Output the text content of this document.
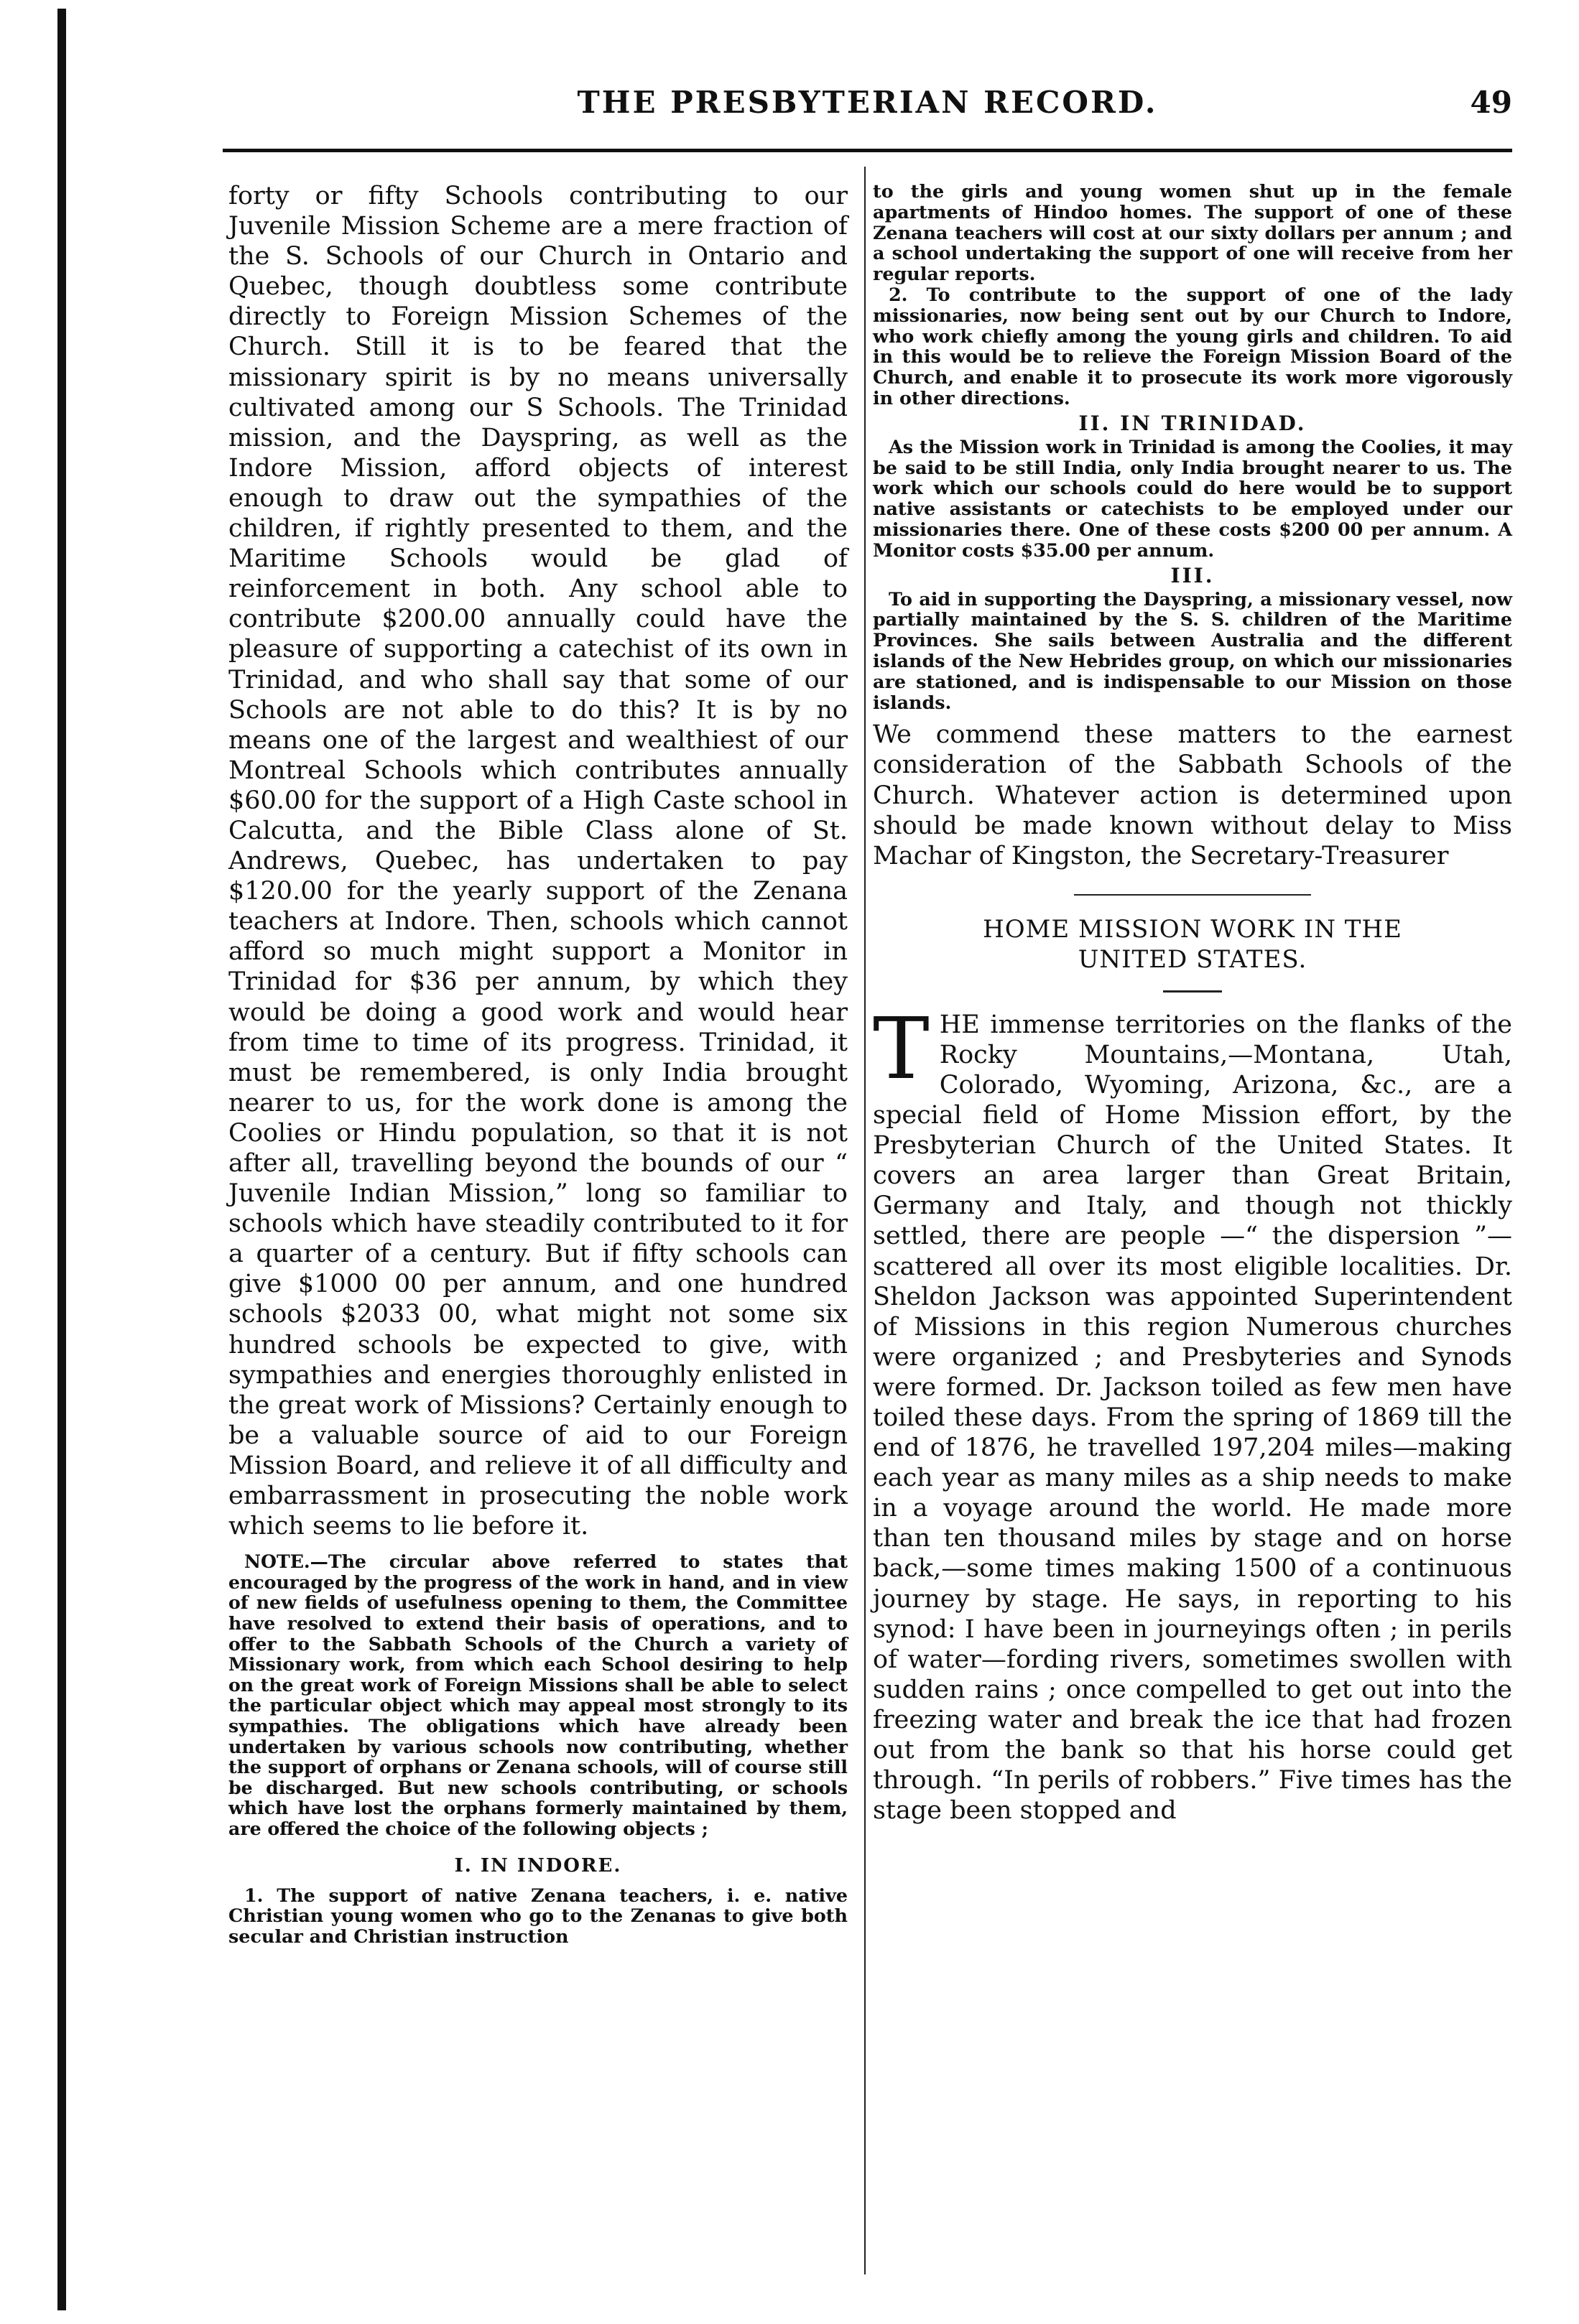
THE PRESBYTERIAN RECORD.	49

forty or fifty Schools contributing to our Juvenile Mission Scheme are a mere fraction of the S. Schools of our Church in Ontario and Quebec, though doubtless some contribute directly to Foreign Mission Schemes of the Church. Still it is to be feared that the missionary spirit is by no means universally cultivated among our S Schools. The Trinidad mission, and the Dayspring, as well as the Indore Mission, afford objects of interest enough to draw out the sympathies of the children, if rightly presented to them, and the Maritime Schools would be glad of reinforcement in both. Any school able to contribute $200.00 annually could have the pleasure of supporting a catechist of its own in Trinidad, and who shall say that some of our Schools are not able to do this? It is by no means one of the largest and wealthiest of our Montreal Schools which contributes annually $60.00 for the support of a High Caste school in Calcutta, and the Bible Class alone of St. Andrews, Quebec, has undertaken to pay $120.00 for the yearly support of the Zenana teachers at Indore. Then, schools which cannot afford so much might support a Monitor in Trinidad for $36 per annum, by which they would be doing a good work and would hear from time to time of its progress. Trinidad, it must be remembered, is only India brought nearer to us, for the work done is among the Coolies or Hindu population, so that it is not after all, travelling beyond the bounds of our “ Juvenile Indian Mission,” long so familiar to schools which have steadily contributed to it for a quarter of a century. But if fifty schools can give $1000 00 per annum, and one hundred schools $2033 00, what might not some six hundred schools be expected to give, with sympathies and energies thoroughly enlisted in the great work of Missions? Certainly enough to be a valuable source of aid to our Foreign Mission Board, and relieve it of all difficulty and embarrassment in prosecuting the noble work which seems to lie before it.

NOTE.—The circular above referred to states that encouraged by the progress of the work in hand, and in view of new fields of usefulness opening to them, the Committee have resolved to extend their basis of operations, and to offer to the Sabbath Schools of the Church a variety of Missionary work, from which each School desiring to help on the great work of Foreign Missions shall be able to select the particular object which may appeal most strongly to its sympathies. The obligations which have already been undertaken by various schools now contributing, whether the support of orphans or Zenana schools, will of course still be discharged. But new schools contributing, or schools which have lost the orphans formerly maintained by them, are offered the choice of the following objects ;

I. IN INDORE.

1. The support of native Zenana teachers, i. e. native Christian young women who go to the Zenanas to give both secular and Christian instruction

to the girls and young women shut up in the female apartments of Hindoo homes. The support of one of these Zenana teachers will cost at our sixty dollars per annum ; and a school undertaking the support of one will receive from her regular reports.

2. To contribute to the support of one of the lady missionaries, now being sent out by our Church to Indore, who work chiefly among the young girls and children. To aid in this would be to relieve the Foreign Mission Board of the Church, and enable it to prosecute its work more vigorously in other directions.

II. IN TRINIDAD.

As the Mission work in Trinidad is among the Coolies, it may be said to be still India, only India brought nearer to us. The work which our schools could do here would be to support native assistants or catechists to be employed under our missionaries there. One of these costs $200 00 per annum. A Monitor costs $35.00 per annum.

III.

To aid in supporting the Dayspring, a missionary vessel, now partially maintained by the S. S. children of the Maritime Provinces. She sails between Australia and the different islands of the New Hebrides group, on which our missionaries are stationed, and is indispensable to our Mission on those islands.

We commend these matters to the earnest consideration of the Sabbath Schools of the Church. Whatever action is determined upon should be made known without delay to Miss Machar of Kingston, the Secretary-Treasurer

HOME MISSION WORK IN THE

UNITED STATES.

THE immense territories on the flanks of the Rocky Mountains,—Montana, Utah, Colorado, Wyoming, Arizona, &c., are a special field of Home Mission effort, by the Presbyterian Church of the United States. It covers an area larger than Great Britain, Germany and Italy, and though not thickly settled, there are people —“ the dispersion ”—scattered all over its most eligible localities. Dr. Sheldon Jackson was appointed Superintendent of Missions in this region Numerous churches were organized ; and Presbyteries and Synods were formed. Dr. Jackson toiled as few men have toiled these days. From the spring of 1869 till the end of 1876, he travelled 197,204 miles—making each year as many miles as a ship needs to make in a voyage around the world. He made more than ten thousand miles by stage and on horse back,—some times making 1500 of a continuous journey by stage. He says, in reporting to his synod: I have been in journeyings often ; in perils of water—fording rivers, sometimes swollen with sudden rains ; once compelled to get out into the freezing water and break the ice that had frozen out from the bank so that his horse could get through. “In perils of robbers.” Five times has the stage been stopped and
